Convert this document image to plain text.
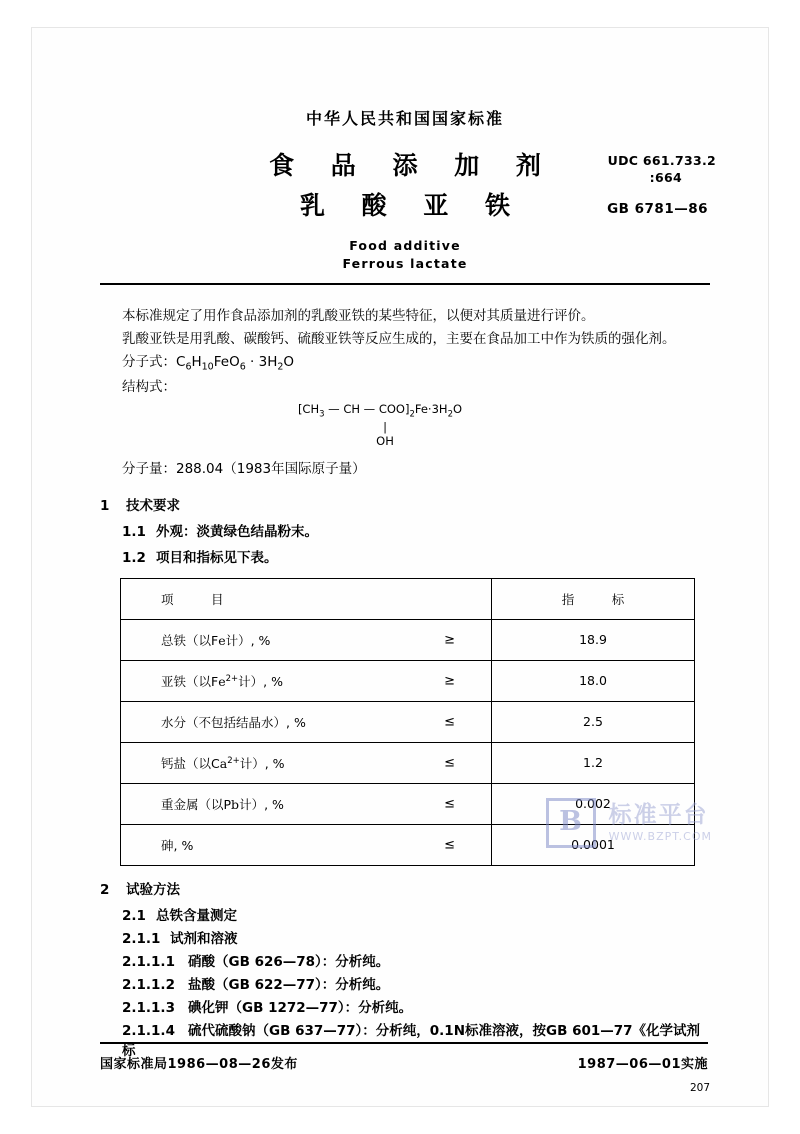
中华人民共和国国家标准
食 品 添 加 剂
乳 酸 亚 铁
Food additive
Ferrous lactate
UDC 661.733.2
:664
GB 6781—86
本标准规定了用作食品添加剂的乳酸亚铁的某些特征，以便对其质量进行评价。
乳酸亚铁是用乳酸、碳酸钙、硫酸亚铁等反应生成的，主要在食品加工中作为铁质的强化剂。
分子式：$C_6H_{10}FeO_6 \cdot 3H_2O$
结构式：
[$CH_3$ — CH — $COO]_2Fe\cdot 3H_2O$
|
OH
分子量：288.04（1983年国际原子量）
1 技术要求
1.1 外观：淡黄绿色结晶粉末。
1.2 项目和指标见下表。
项　　　目	指　　　标
总铁（以Fe计）, % ≥	18.9
亚铁（以$Fe^{2+}$计）, % ≥	18.0
水分（不包括结晶水）, % ≤	2.5
钙盐（以$Ca^{2+}$计）, % ≤	1.2
重金属（以Pb计）, % ≤	0.002
砷, % ≤	0.0001
2 试验方法
2.1 总铁含量测定
2.1.1 试剂和溶液
2.1.1.1 硝酸（GB 626—78）：分析纯。
2.1.1.2 盐酸（GB 622—77）：分析纯。
2.1.1.3 碘化钾（GB 1272—77）：分析纯。
2.1.1.4 硫代硫酸钠（GB 637—77）：分析纯，0.1N标准溶液，按GB 601—77《化学试剂　标
B 标准平台
WWW.BZPT.COM
国家标准局1986—08—26发布	1987—06—01实施
207
